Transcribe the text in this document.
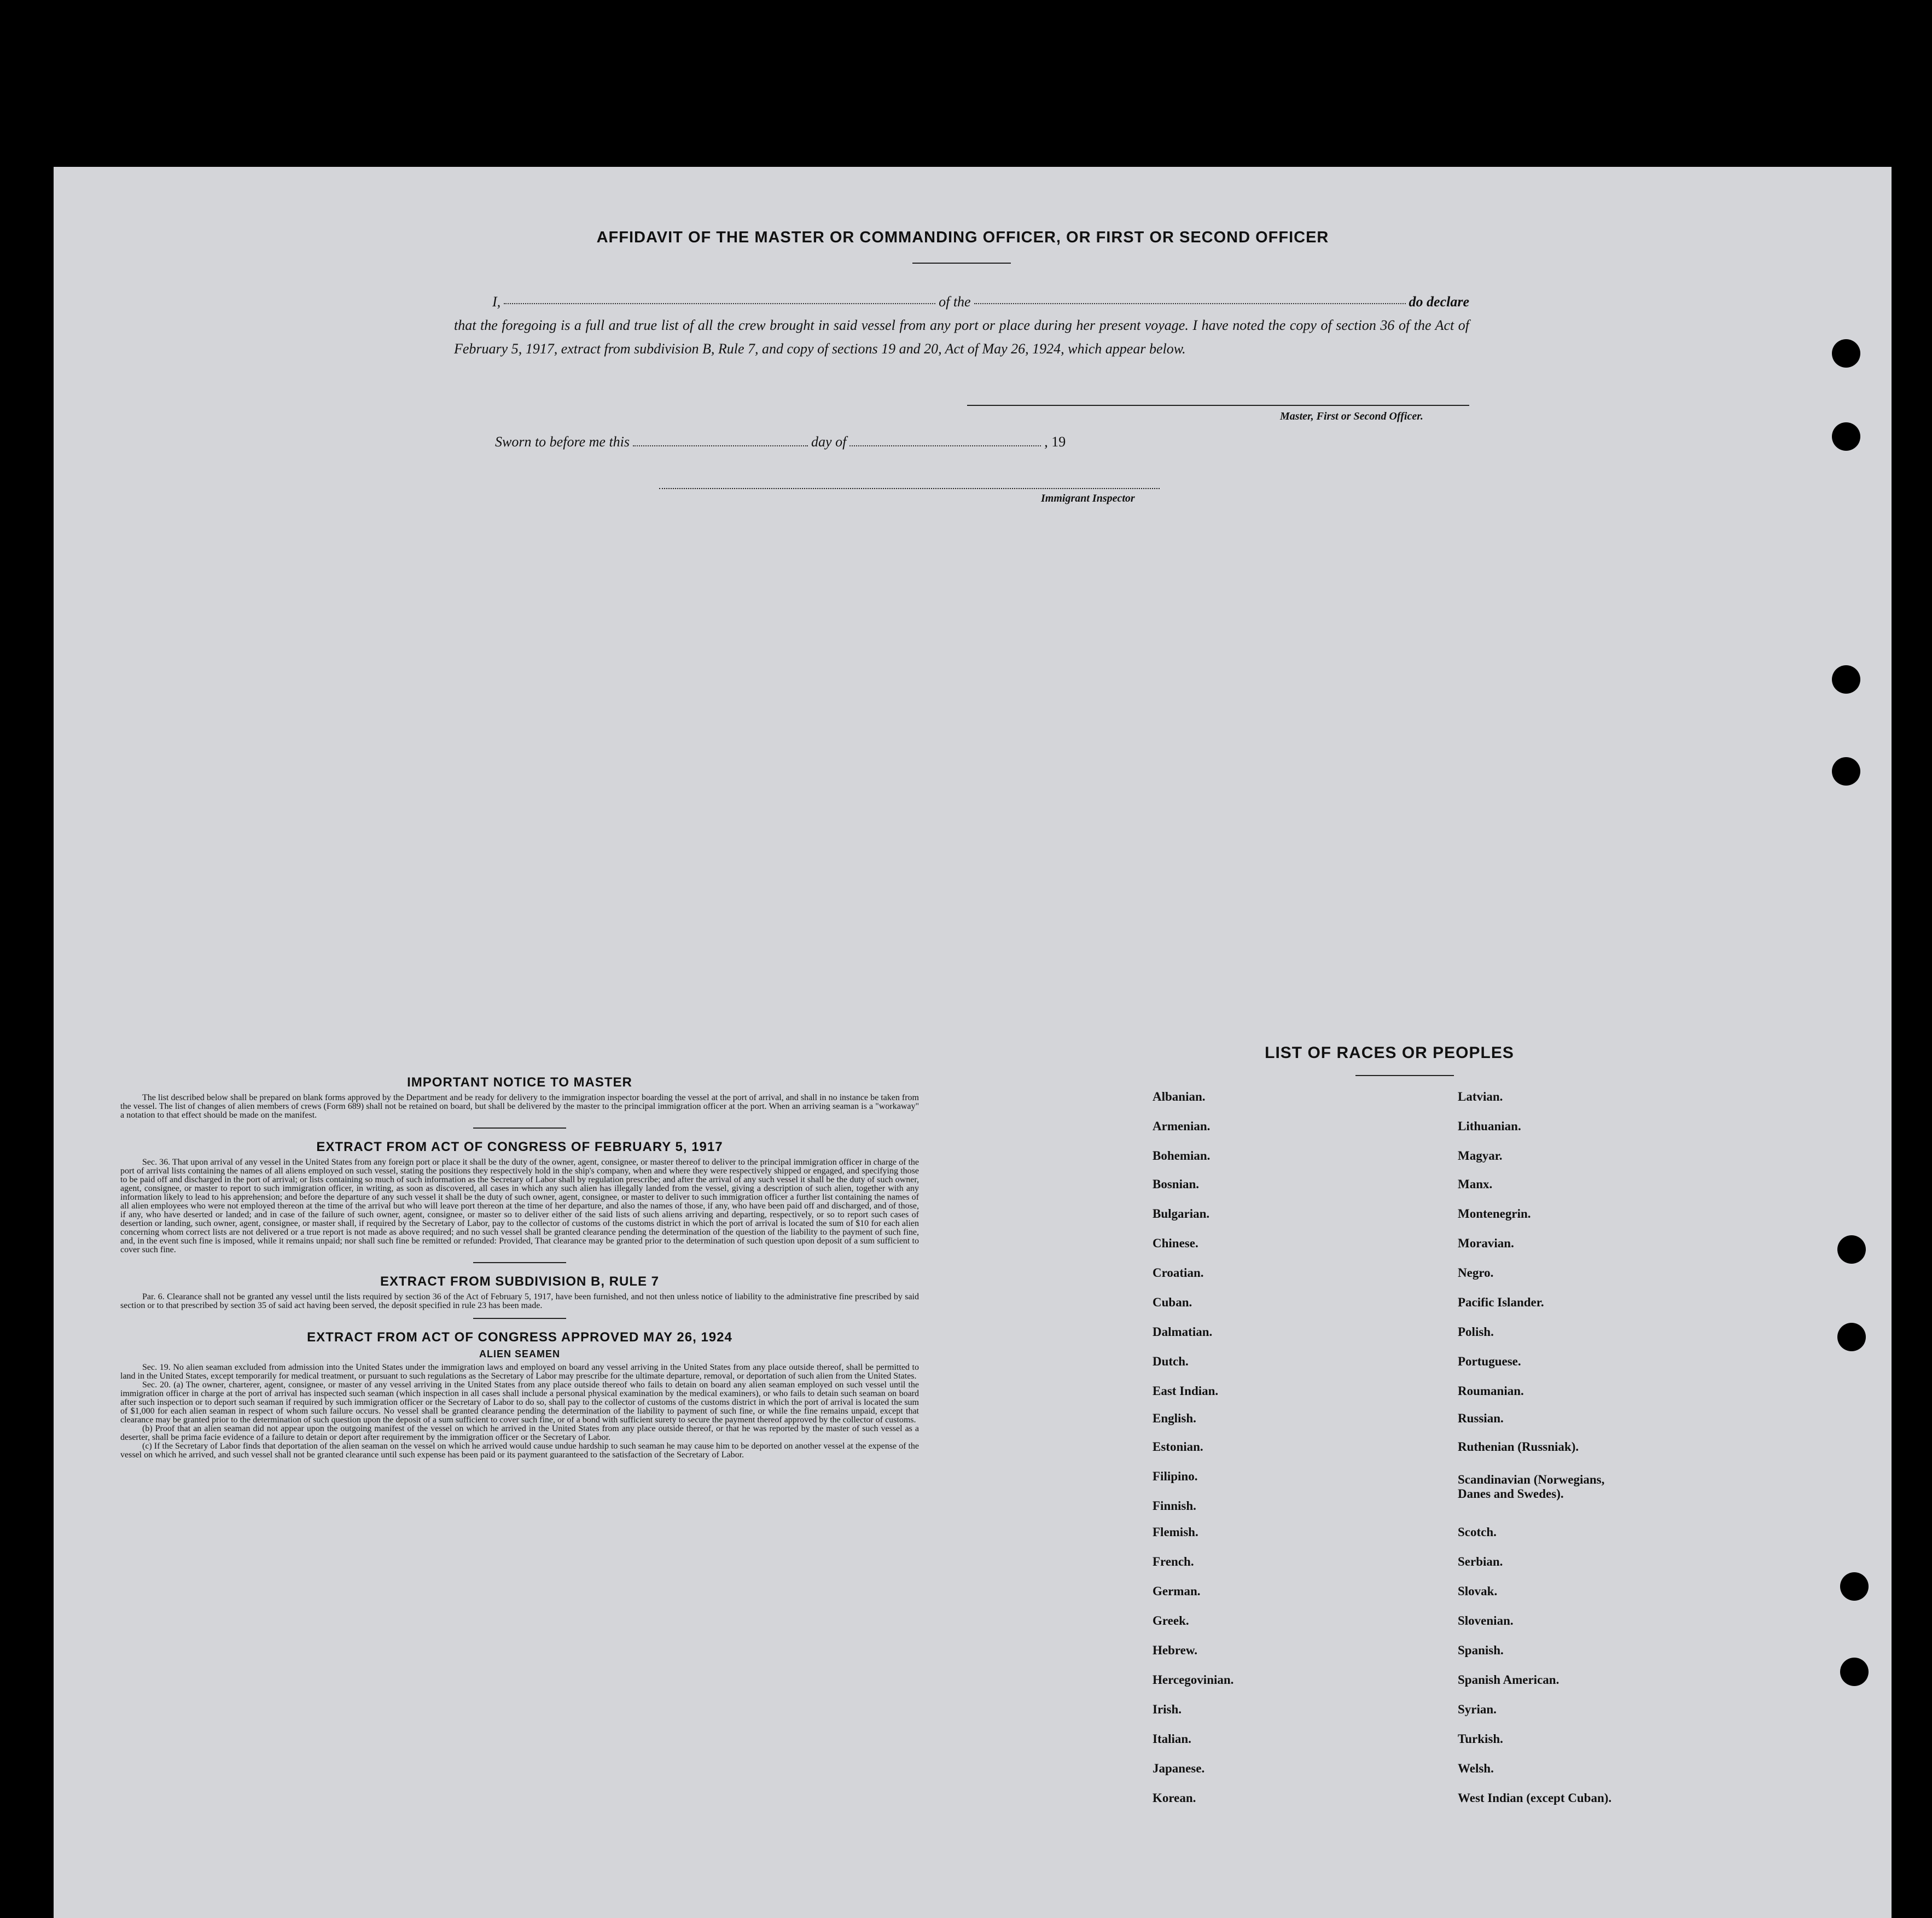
AFFIDAVIT OF THE MASTER OR COMMANDING OFFICER, OR FIRST OR SECOND OFFICER
I,	of the	do declare
that the foregoing is a full and true list of all the crew brought in said vessel from any port or place during her present voyage. I have noted the copy of section 36 of the Act of February 5, 1917, extract from subdivision B, Rule 7, and copy of sections 19 and 20, Act of May 26, 1924, which appear below.
Master, First or Second Officer.
Sworn to before me this	day of	, 19
Immigrant Inspector

IMPORTANT NOTICE TO MASTER

The list described below shall be prepared on blank forms approved by the Department and be ready for delivery to the immigration inspector boarding the vessel at the port of arrival, and shall in no instance be taken from the vessel. The list of changes of alien members of crews (Form 689) shall not be retained on board, but shall be delivered by the master to the principal immigration officer at the port. When an arriving seaman is a "workaway" a notation to that effect should be made on the manifest.

EXTRACT FROM ACT OF CONGRESS OF FEBRUARY 5, 1917

Sec. 36. That upon arrival of any vessel in the United States from any foreign port or place it shall be the duty of the owner, agent, consignee, or master thereof to deliver to the principal immigration officer in charge of the port of arrival lists containing the names of all aliens employed on such vessel, stating the positions they respectively hold in the ship's company, when and where they were respectively shipped or engaged, and specifying those to be paid off and discharged in the port of arrival; or lists containing so much of such information as the Secretary of Labor shall by regulation prescribe; and after the arrival of any such vessel it shall be the duty of such owner, agent, consignee, or master to report to such immigration officer, in writing, as soon as discovered, all cases in which any such alien has illegally landed from the vessel, giving a description of such alien, together with any information likely to lead to his apprehension; and before the departure of any such vessel it shall be the duty of such owner, agent, consignee, or master to deliver to such immigration officer a further list containing the names of all alien employees who were not employed thereon at the time of the arrival but who will leave port thereon at the time of her departure, and also the names of those, if any, who have been paid off and discharged, and of those, if any, who have deserted or landed; and in case of the failure of such owner, agent, consignee, or master so to deliver either of the said lists of such aliens arriving and departing, respectively, or so to report such cases of desertion or landing, such owner, agent, consignee, or master shall, if required by the Secretary of Labor, pay to the collector of customs of the customs district in which the port of arrival is located the sum of $10 for each alien concerning whom correct lists are not delivered or a true report is not made as above required; and no such vessel shall be granted clearance pending the determination of the question of the liability to the payment of such fine, and, in the event such fine is imposed, while it remains unpaid; nor shall such fine be remitted or refunded: Provided, That clearance may be granted prior to the determination of such question upon deposit of a sum sufficient to cover such fine.

EXTRACT FROM SUBDIVISION B, RULE 7

Par. 6. Clearance shall not be granted any vessel until the lists required by section 36 of the Act of February 5, 1917, have been furnished, and not then unless notice of liability to the administrative fine prescribed by said section or to that prescribed by section 35 of said act having been served, the deposit specified in rule 23 has been made.

EXTRACT FROM ACT OF CONGRESS APPROVED MAY 26, 1924

ALIEN SEAMEN

Sec. 19. No alien seaman excluded from admission into the United States under the immigration laws and employed on board any vessel arriving in the United States from any place outside thereof, shall be permitted to land in the United States, except temporarily for medical treatment, or pursuant to such regulations as the Secretary of Labor may prescribe for the ultimate departure, removal, or deportation of such alien from the United States.

Sec. 20. (a) The owner, charterer, agent, consignee, or master of any vessel arriving in the United States from any place outside thereof who fails to detain on board any alien seaman employed on such vessel until the immigration officer in charge at the port of arrival has inspected such seaman (which inspection in all cases shall include a personal physical examination by the medical examiners), or who fails to detain such seaman on board after such inspection or to deport such seaman if required by such immigration officer or the Secretary of Labor to do so, shall pay to the collector of customs of the customs district in which the port of arrival is located the sum of $1,000 for each alien seaman in respect of whom such failure occurs. No vessel shall be granted clearance pending the determination of the liability to payment of such fine, or while the fine remains unpaid, except that clearance may be granted prior to the determination of such question upon the deposit of a sum sufficient to cover such fine, or of a bond with sufficient surety to secure the payment thereof approved by the collector of customs.

(b) Proof that an alien seaman did not appear upon the outgoing manifest of the vessel on which he arrived in the United States from any place outside thereof, or that he was reported by the master of such vessel as a deserter, shall be prima facie evidence of a failure to detain or deport after requirement by the immigration officer or the Secretary of Labor.

(c) If the Secretary of Labor finds that deportation of the alien seaman on the vessel on which he arrived would cause undue hardship to such seaman he may cause him to be deported on another vessel at the expense of the vessel on which he arrived, and such vessel shall not be granted clearance until such expense has been paid or its payment guaranteed to the satisfaction of the Secretary of Labor.

LIST OF RACES OR PEOPLES
Albanian.
Armenian.
Bohemian.
Bosnian.
Bulgarian.
Chinese.
Croatian.
Cuban.
Dalmatian.
Dutch.
East Indian.
English.
Estonian.
Filipino.
Finnish.
Flemish.
French.
German.
Greek.
Hebrew.
Hercegovinian.
Irish.
Italian.
Japanese.
Korean.
Latvian.
Lithuanian.
Magyar.
Manx.
Montenegrin.
Moravian.
Negro.
Pacific Islander.
Polish.
Portuguese.
Roumanian.
Russian.
Ruthenian (Russniak).
Scandinavian (Norwegians,
Danes and Swedes).
Scotch.
Serbian.
Slovak.
Slovenian.
Spanish.
Spanish American.
Syrian.
Turkish.
Welsh.
West Indian (except Cuban).
